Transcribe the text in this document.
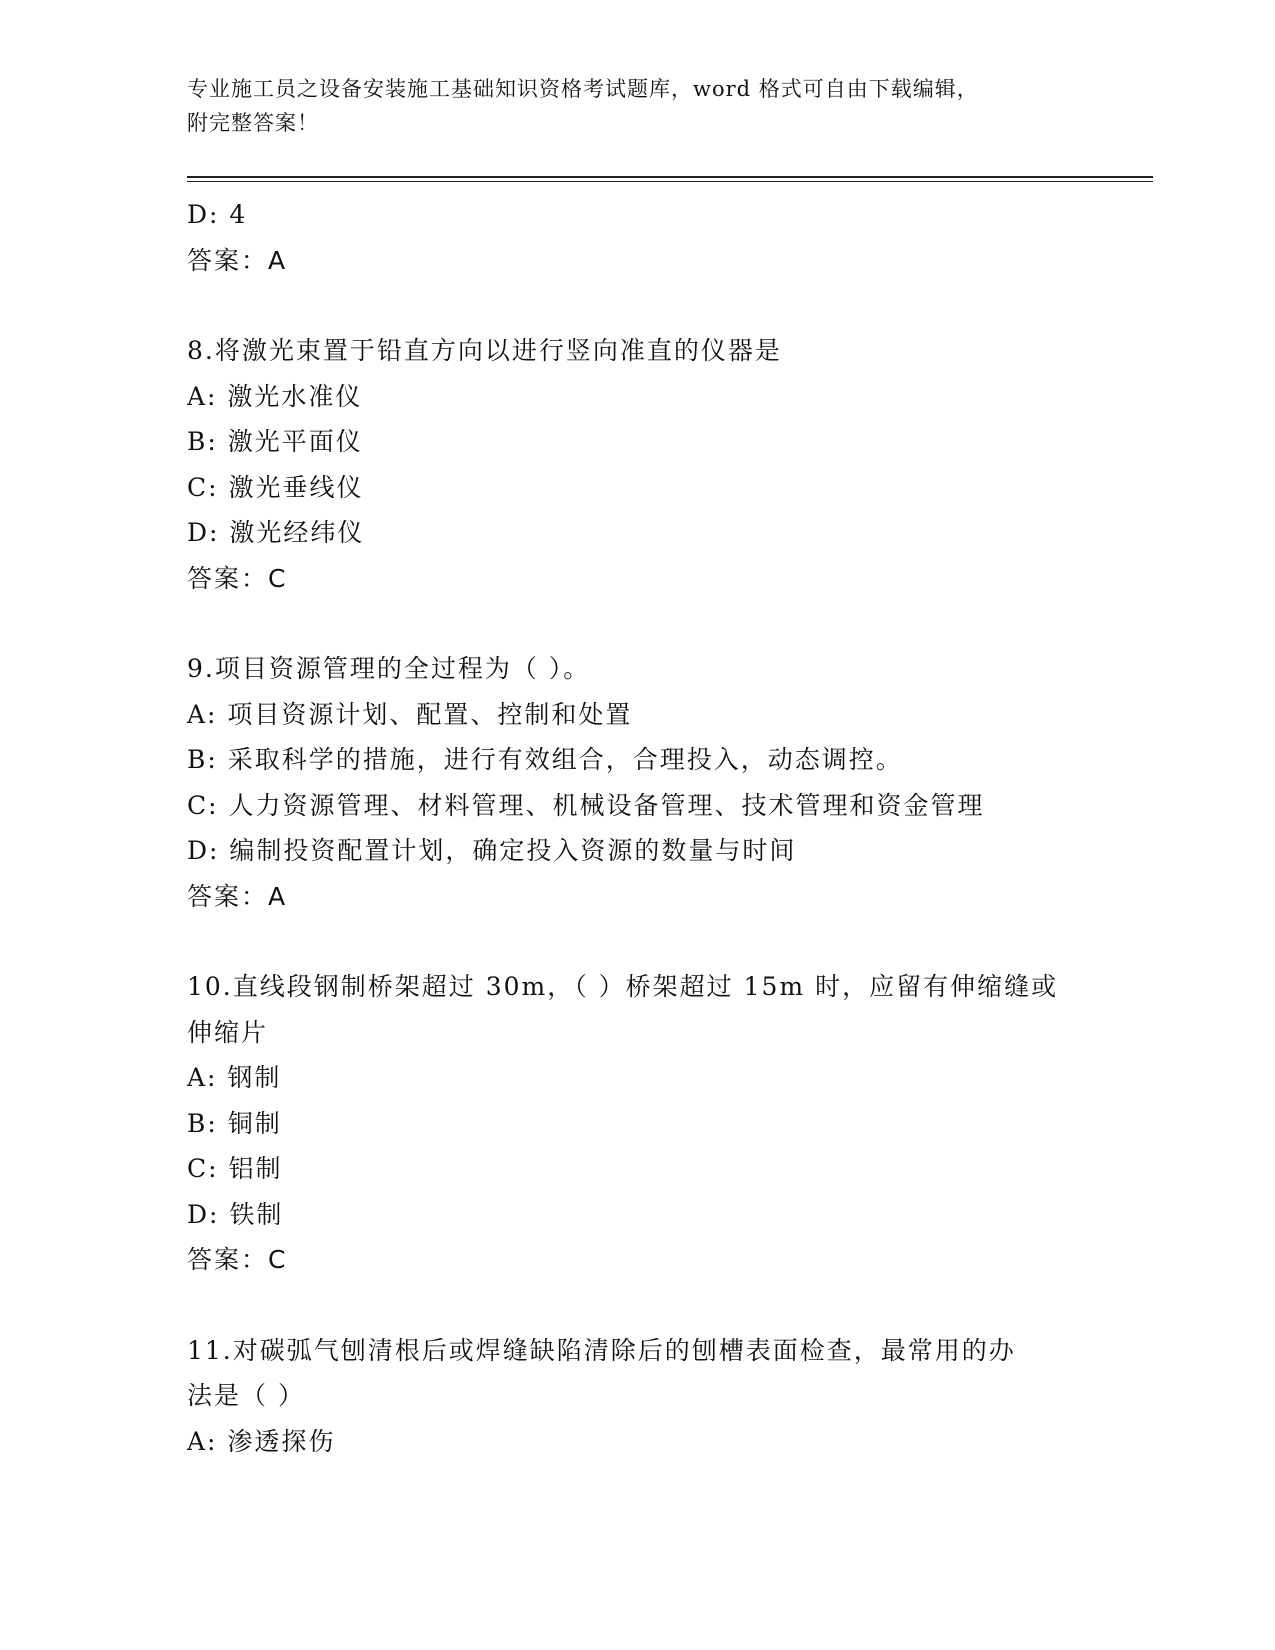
专业施工员之设备安装施工基础知识资格考试题库，word 格式可自由下载编辑，
附完整答案！
D: 4
答案：A
8.将激光束置于铅直方向以进行竖向准直的仪器是
A: 激光水准仪
B: 激光平面仪
C: 激光垂线仪
D: 激光经纬仪
答案：C
9.项目资源管理的全过程为（ ）。
A: 项目资源计划、配置、控制和处置
B: 采取科学的措施，进行有效组合，合理投入，动态调控。
C: 人力资源管理、材料管理、机械设备管理、技术管理和资金管理
D: 编制投资配置计划，确定投入资源的数量与时间
答案：A
10.直线段钢制桥架超过 30m，（ ）桥架超过 15m 时，应留有伸缩缝或
伸缩片
A: 钢制
B: 铜制
C: 铝制
D: 铁制
答案：C
11.对碳弧气刨清根后或焊缝缺陷清除后的刨槽表面检查，最常用的办
法是（ ）
A: 渗透探伤
